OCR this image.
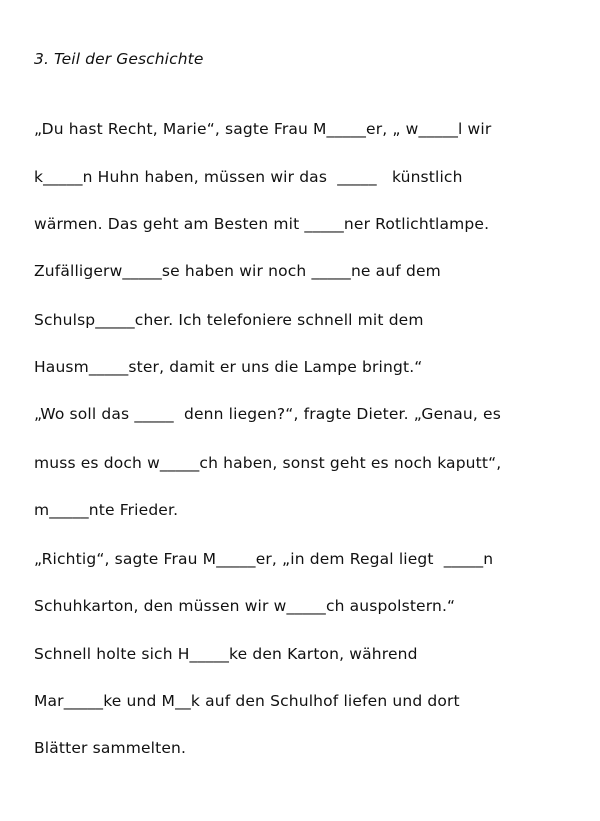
3. Teil der Geschichte
„Du hast Recht, Marie“, sagte Frau M_____er, „ w_____l wir
k_____n Huhn haben, müssen wir das  _____   künstlich
wärmen. Das geht am Besten mit _____ner Rotlichtlampe.
Zufälligerw_____se haben wir noch _____ne auf dem
Schulsp_____cher. Ich telefoniere schnell mit dem
Hausm_____ster, damit er uns die Lampe bringt.“
„Wo soll das _____  denn liegen?“, fragte Dieter. „Genau, es
muss es doch w_____ch haben, sonst geht es noch kaputt“,
m_____nte Frieder.
„Richtig“, sagte Frau M_____er, „in dem Regal liegt  _____n
Schuhkarton, den müssen wir w_____ch auspolstern.“
Schnell holte sich H_____ke den Karton, während
Mar_____ke und M__k auf den Schulhof liefen und dort
Blätter sammelten.
